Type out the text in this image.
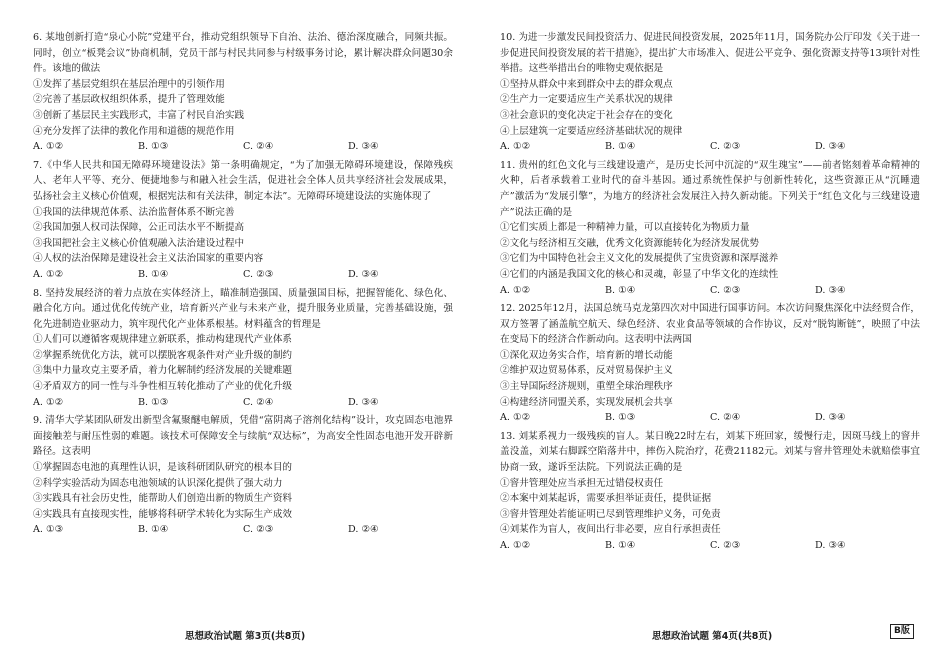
6. 某地创新打造“泉心小院”党建平台，推动党组织领导下自治、法治、德治深度融合，同频共振。同时，创立“板凳会议”协商机制，党员干部与村民共同参与村级事务讨论，累计解决群众问题30余件。该地的做法

①发挥了基层党组织在基层治理中的引领作用

②完善了基层政权组织体系，提升了管理效能

③创新了基层民主实践形式，丰富了村民自治实践

④充分发挥了法律的教化作用和道德的规范作用

A. ①②	B. ①③	C. ②④	D. ③④

7.《中华人民共和国无障碍环境建设法》第一条明确规定，“为了加强无障碍环境建设，保障残疾人、老年人平等、充分、便捷地参与和融入社会生活，促进社会全体人员共享经济社会发展成果，弘扬社会主义核心价值观，根据宪法和有关法律，制定本法”。无障碍环境建设法的实施体现了

①我国的法律规范体系、法治监督体系不断完善

②我国加强人权司法保障，公正司法水平不断提高

③我国把社会主义核心价值观融入法治建设过程中

④人权的法治保障是建设社会主义法治国家的重要内容

A. ①②	B. ①④	C. ②③	D. ③④

8. 坚持发展经济的着力点放在实体经济上，瞄准制造强国、质量强国目标，把握智能化、绿色化、融合化方向。通过优化传统产业，培育新兴产业与未来产业，提升服务业质量，完善基础设施，强化先进制造业驱动力，筑牢现代化产业体系根基。材料蕴含的哲理是

①人们可以遵循客观规律建立新联系，推动构建现代产业体系

②掌握系统优化方法，就可以摆脱客观条件对产业升级的制约

③集中力量攻克主要矛盾，着力化解制约经济发展的关键难题

④矛盾双方的同一性与斗争性相互转化推动了产业的优化升级

A. ①②	B. ①③	C. ②④	D. ③④

9. 清华大学某团队研发出新型含氟聚醚电解质，凭借“富阴离子溶剂化结构”设计，攻克固态电池界面接触差与耐压性弱的难题。该技术可保障安全与续航“双达标”，为高安全性固态电池开发开辟新路径。这表明

①掌握固态电池的真理性认识，是该科研团队研究的根本目的

②科学实验活动为固态电池领域的认识深化提供了强大动力

③实践具有社会历史性，能帮助人们创造出新的物质生产资料

④实践具有直接现实性，能够将科研学术转化为实际生产成效

A. ①③	B. ①④	C. ②③	D. ②④

10. 为进一步激发民间投资活力、促进民间投资发展，2025年11月，国务院办公厅印发《关于进一步促进民间投资发展的若干措施》，提出扩大市场准入、促进公平竞争、强化资源支持等13项针对性举措。这些举措出台的唯物史观依据是

①坚持从群众中来到群众中去的群众观点

②生产力一定要适应生产关系状况的规律

③社会意识的变化决定于社会存在的变化

④上层建筑一定要适应经济基础状况的规律

A. ①②	B. ①④	C. ②③	D. ③④

11. 贵州的红色文化与三线建设遗产，是历史长河中沉淀的“双生瑰宝”——前者铭刻着革命精神的火种，后者承载着工业时代的奋斗基因。通过系统性保护与创新性转化，这些资源正从“沉睡遗产”激活为“发展引擎”，为地方的经济社会发展注入持久新动能。下列关于“红色文化与三线建设遗产”说法正确的是

①它们实质上都是一种精神力量，可以直接转化为物质力量

②文化与经济相互交融，优秀文化资源能转化为经济发展优势

③它们为中国特色社会主义文化的发展提供了宝贵资源和深厚滋养

④它们的内涵是我国文化的核心和灵魂，彰显了中华文化的连续性

A. ①②	B. ①④	C. ②③	D. ③④

12. 2025年12月，法国总统马克龙第四次对中国进行国事访问。本次访问聚焦深化中法经贸合作，双方签署了涵盖航空航天、绿色经济、农业食品等领域的合作协议，反对“脱钩断链”，映照了中法在变局下的经济合作新动向。这表明中法两国

①深化双边务实合作，培育新的增长动能

②维护双边贸易体系，反对贸易保护主义

③主导国际经济规则，重塑全球治理秩序

④构建经济同盟关系，实现发展机会共享

A. ①②	B. ①③	C. ②④	D. ③④

13. 刘某系视力一级残疾的盲人。某日晚22时左右，刘某下班回家，缓慢行走，因斑马线上的窨井盖没盖，刘某右脚踩空陷落井中，摔伤入院治疗，花费21182元。刘某与窨井管理处未就赔偿事宜协商一致，遂诉至法院。下列说法正确的是

①窨井管理处应当承担无过错侵权责任

②本案中刘某起诉，需要承担举证责任，提供证据

③窨井管理处若能证明已尽到管理维护义务，可免责

④刘某作为盲人，夜间出行非必要，应自行承担责任

A. ①②	B. ①④	C. ②③	D. ③④
思想政治试题 第3页(共8页)	思想政治试题 第4页(共8页)	B版
